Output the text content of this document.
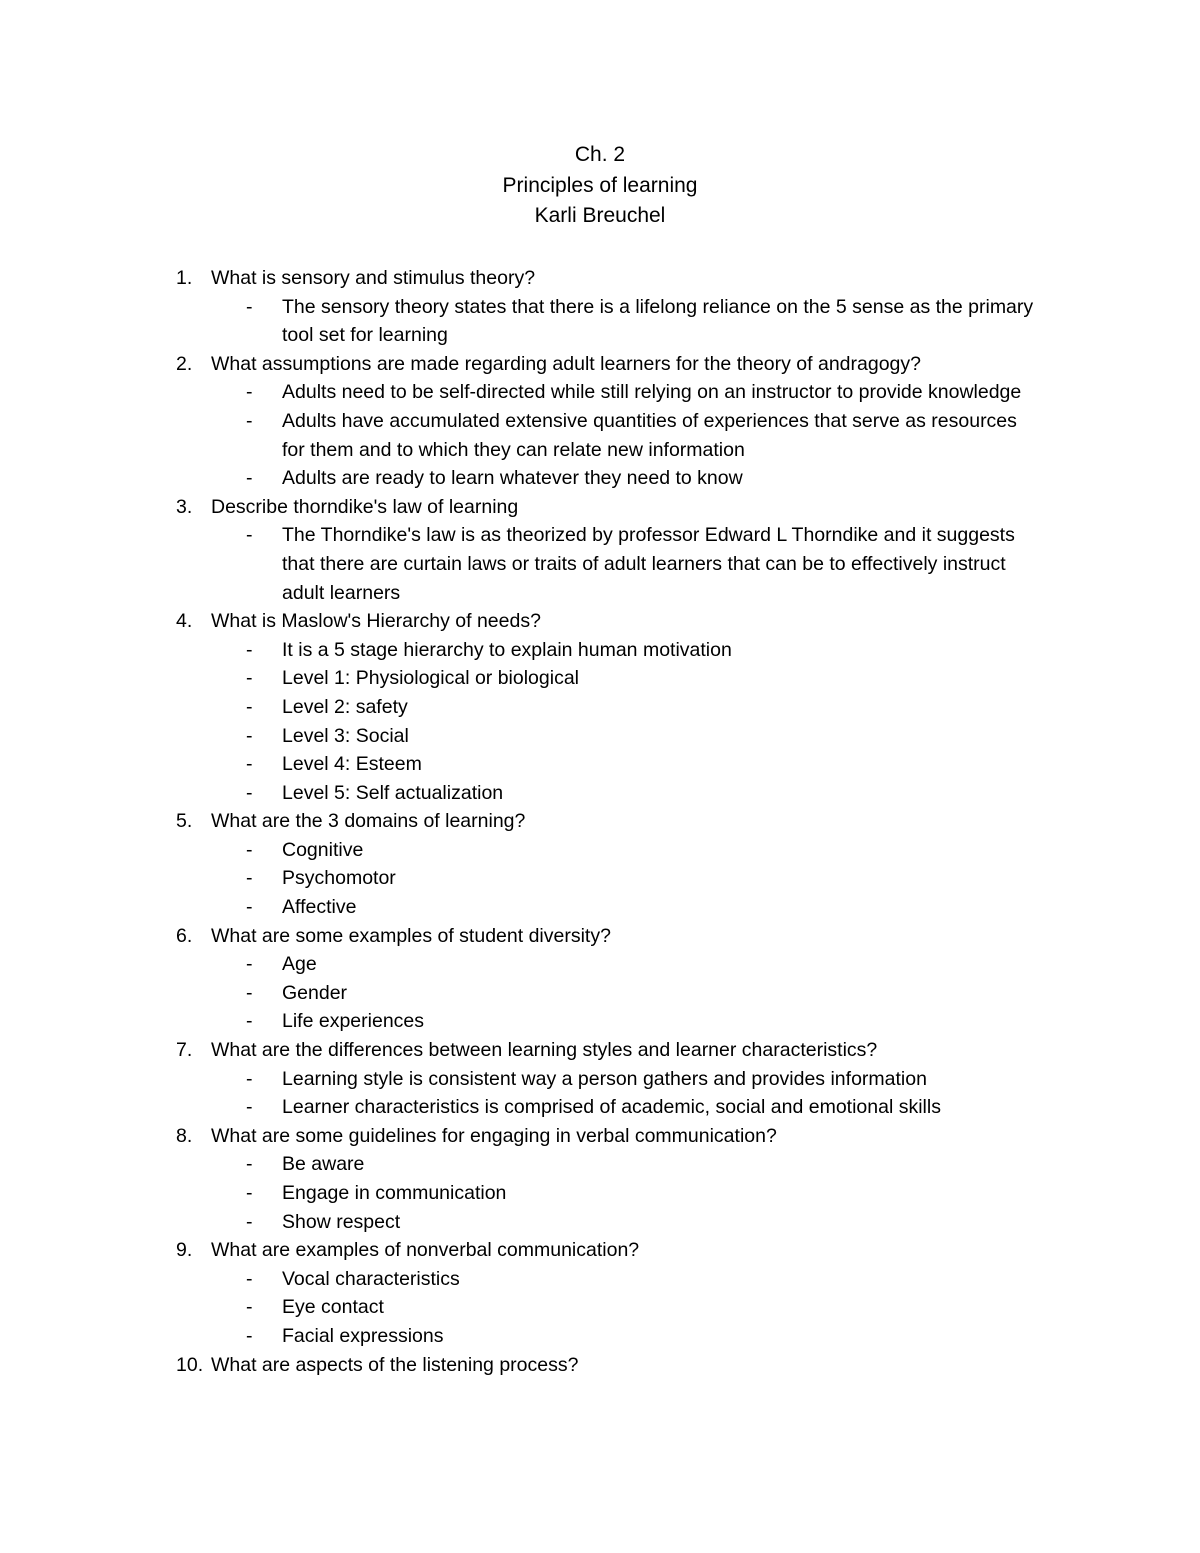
Ch. 2
Principles of learning
Karli Breuchel
1. What is sensory and stimulus theory?
- The sensory theory states that there is a lifelong reliance on the 5 sense as the primary tool set for learning
2. What assumptions are made regarding adult learners for the theory of andragogy?
- Adults need to be self-directed while still relying on an instructor to provide knowledge
- Adults have accumulated extensive quantities of experiences that serve as resources for them and to which they can relate new information
- Adults are ready to learn whatever they need to know
3. Describe thorndike's law of learning
- The Thorndike's law is as theorized by professor Edward L Thorndike and it suggests that there are curtain laws or traits of adult learners that can be to effectively instruct adult learners
4. What is Maslow's Hierarchy of needs?
- It is a 5 stage hierarchy to explain human motivation
- Level 1: Physiological or biological
- Level 2: safety
- Level 3: Social
- Level 4: Esteem
- Level 5: Self actualization
5. What are the 3 domains of learning?
- Cognitive
- Psychomotor
- Affective
6. What are some examples of student diversity?
- Age
- Gender
- Life experiences
7. What are the differences between learning styles and learner characteristics?
- Learning style is consistent way a person gathers and provides information
- Learner characteristics is comprised of academic, social and emotional skills
8. What are some guidelines for engaging in verbal communication?
- Be aware
- Engage in communication
- Show respect
9. What are examples of nonverbal communication?
- Vocal characteristics
- Eye contact
- Facial expressions
10. What are aspects of the listening process?
